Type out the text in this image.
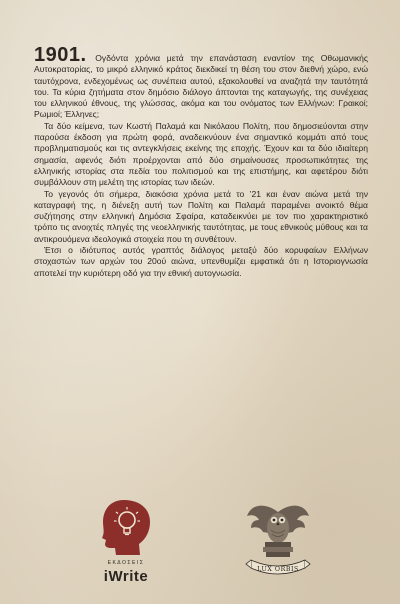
1901. Ογδόντα χρόνια μετά την επανάσταση εναντίον της Οθωμανικής Αυτοκρατορίας, το μικρό ελληνικό κράτος διεκδικεί τη θέση του στον διεθνή χώρο, ενώ ταυτόχρονα, ενδεχομένως ως συνέπεια αυτού, εξακολουθεί να αναζητά την ταυτότητά του. Τα κύρια ζητήματα στον δημόσιο διάλογο άπτονται της καταγωγής, της συνέχειας του ελληνικού έθνους, της γλώσσας, ακόμα και του ονόματος των Ελλήνων: Γραικοί; Ρωμιοί; Έλληνες;

Τα δύο κείμενα, των Κωστή Παλαμά και Νικόλαου Πολίτη, που δημοσιεύονται στην παρούσα έκδοση για πρώτη φορά, αναδεικνύουν ένα σημαντικό κομμάτι από τους προβληματισμούς και τις αντεγκλήσεις εκείνης της εποχής. Έχουν και τα δύο ιδιαίτερη σημασία, αφενός διότι προέρχονται από δύο σημαίνουσες προσωπικότητες της ελληνικής ιστορίας στα πεδία του πολιτισμού και της επιστήμης, και αφετέρου διότι συμβάλλουν στη μελέτη της ιστορίας των ιδεών.

Το γεγονός ότι σήμερα, διακόσια χρόνια μετά το ’21 και έναν αιώνα μετά την καταγραφή της, η διένεξη αυτή των Πολίτη και Παλαμά παραμένει ανοικτό θέμα συζήτησης στην ελληνική Δημόσια Σφαίρα, καταδεικνύει με τον πιο χαρακτηριστικό τρόπο τις ανοιχτές πληγές της νεοελληνικής ταυτότητας, με τους εθνικούς μύθους και τα αντικρουόμενα ιδεολογικά στοιχεία που τη συνθέτουν.

Έτσι ο ιδιότυπος αυτός γραπτός διάλογος μεταξύ δύο κορυφαίων Ελλήνων στοχαστών των αρχών του 20ού αιώνα, υπενθυμίζει εμφατικά ότι η Ιστοριογνωσία αποτελεί την κυριότερη οδό για την εθνική αυτογνωσία.

ΕΚΔΟΣΕΙΣ
iWrite	LUX ORBIS
